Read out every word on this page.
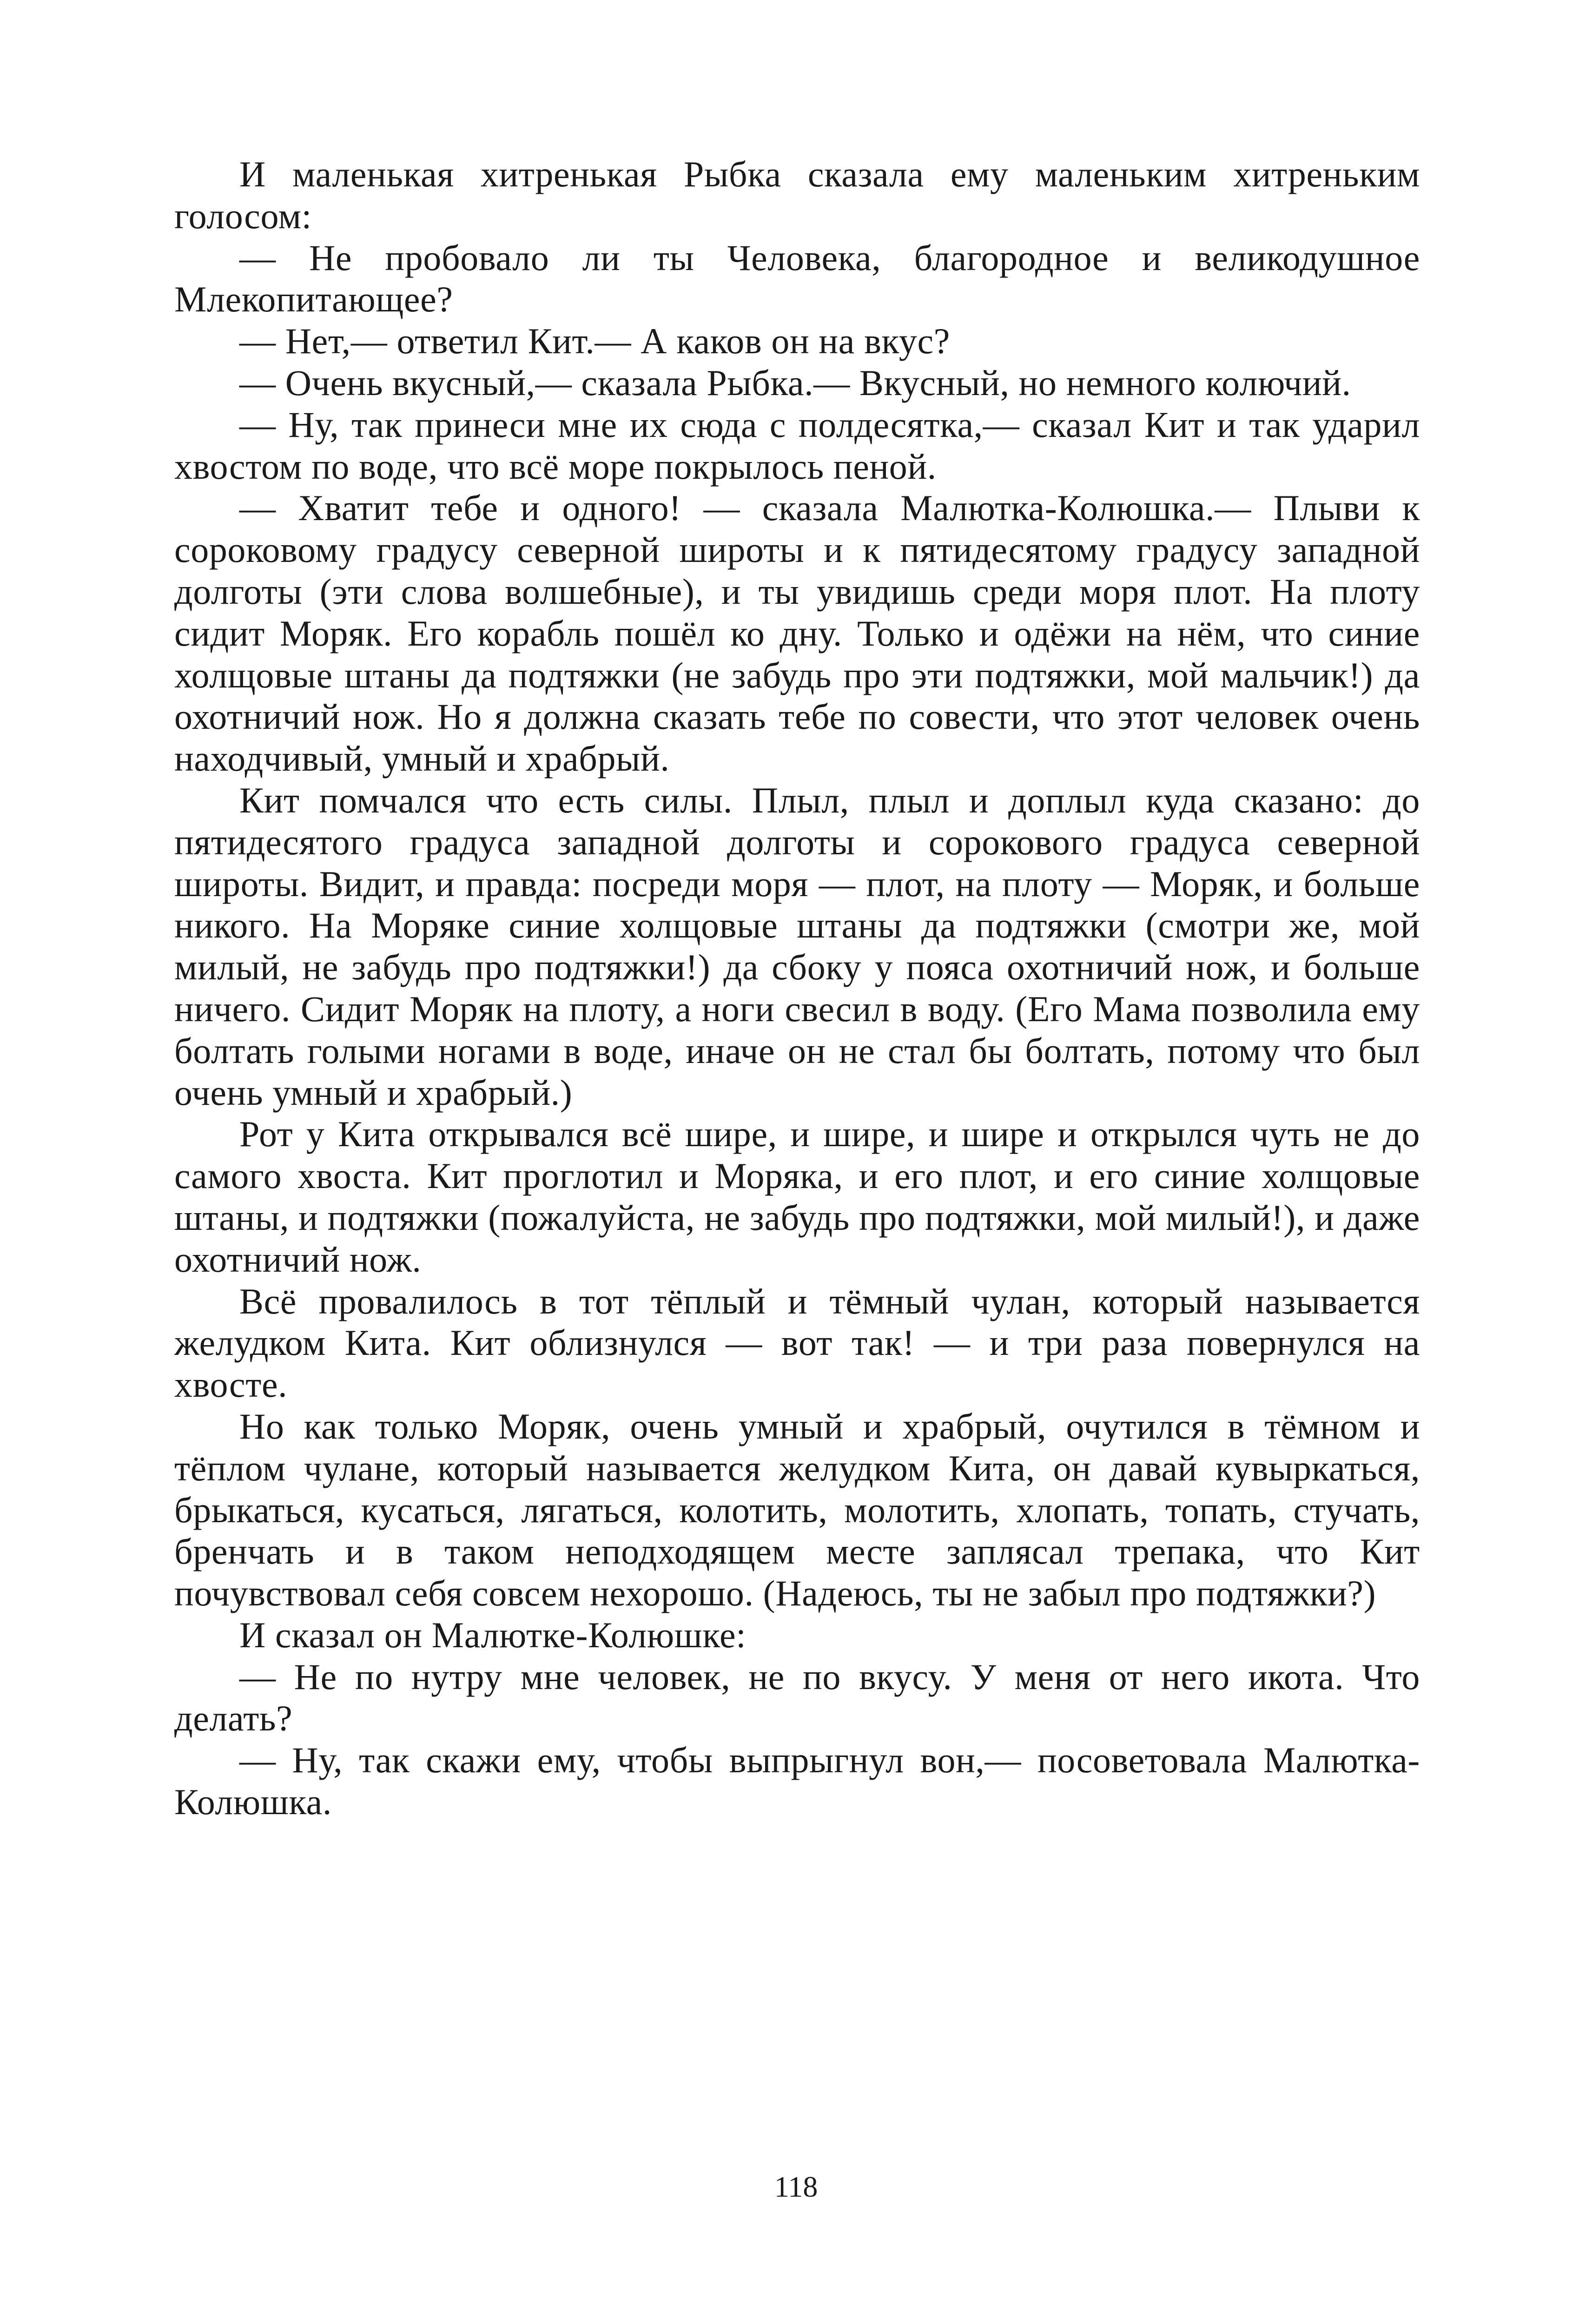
И маленькая хитренькая Рыбка сказала ему маленьким хитреньким голосом:

— Не пробовало ли ты Человека, благородное и великодушное Млекопитающее?

— Нет,— ответил Кит.— А каков он на вкус?

— Очень вкусный,— сказала Рыбка.— Вкусный, но немного колючий.

— Ну, так принеси мне их сюда с полдесятка,— сказал Кит и так ударил хвостом по воде, что всё море покрылось пеной.

— Хватит тебе и одного! — сказала Малютка-Колюшка.— Плыви к сороковому градусу северной широты и к пятидесятому градусу западной долготы (эти слова волшебные), и ты увидишь среди моря плот. На плоту сидит Моряк. Его корабль пошёл ко дну. Только и одёжи на нём, что синие холщовые штаны да подтяжки (не забудь про эти подтяжки, мой мальчик!) да охотничий нож. Но я должна сказать тебе по совести, что этот человек очень находчивый, умный и храбрый.

Кит помчался что есть силы. Плыл, плыл и доплыл куда сказано: до пятидесятого градуса западной долготы и сорокового градуса северной широты. Видит, и правда: посреди моря — плот, на плоту — Моряк, и больше никого. На Моряке синие холщовые штаны да подтяжки (смотри же, мой милый, не забудь про подтяжки!) да сбоку у пояса охотничий нож, и больше ничего. Сидит Моряк на плоту, а ноги свесил в воду. (Его Мама позволила ему болтать голыми ногами в воде, иначе он не стал бы болтать, потому что был очень умный и храбрый.)

Рот у Кита открывался всё шире, и шире, и шире и открылся чуть не до самого хвоста. Кит проглотил и Моряка, и его плот, и его синие холщовые штаны, и подтяжки (пожалуйста, не забудь про подтяжки, мой милый!), и даже охотничий нож.

Всё провалилось в тот тёплый и тёмный чулан, который называется желудком Кита. Кит облизнулся — вот так! — и три раза повернулся на хвосте.

Но как только Моряк, очень умный и храбрый, очутился в тёмном и тёплом чулане, который называется желудком Кита, он давай кувыркаться, брыкаться, кусаться, лягаться, колотить, молотить, хлопать, топать, стучать, бренчать и в таком неподходящем месте заплясал трепака, что Кит почувствовал себя совсем нехорошо. (Надеюсь, ты не забыл про подтяжки?)

И сказал он Малютке-Колюшке:

— Не по нутру мне человек, не по вкусу. У меня от него икота. Что делать?

— Ну, так скажи ему, чтобы выпрыгнул вон,— посоветовала Малютка-Колюшка.

118
